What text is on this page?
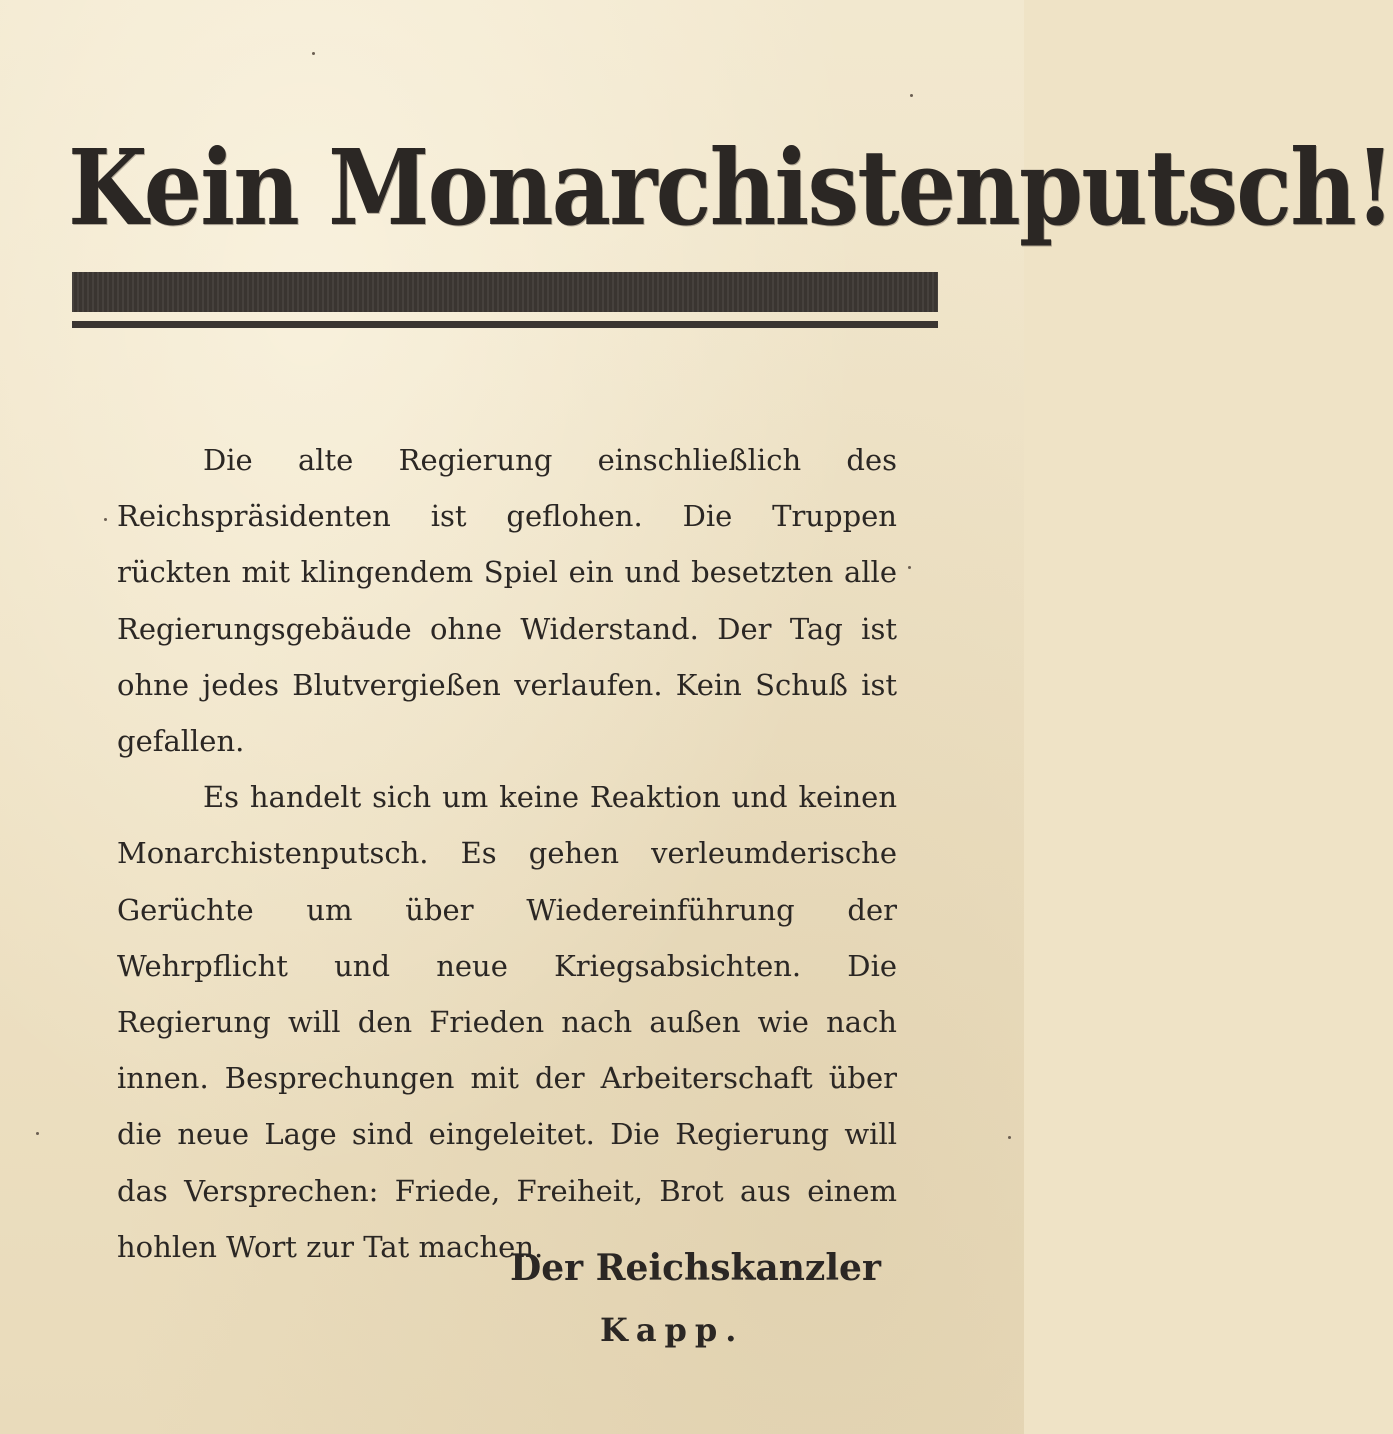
Kein Monarchistenputsch!

Die alte Regierung einschließlich des Reichspräsidenten ist geflohen. Die Truppen rückten mit klingendem Spiel ein und besetzten alle Regierungsgebäude ohne Widerstand. Der Tag ist ohne jedes Blutvergießen verlaufen. Kein Schuß ist gefallen.

Es handelt sich um keine Reaktion und keinen Monarchistenputsch. Es gehen verleumderische Gerüchte um über Wiedereinführung der Wehrpflicht und neue Kriegsabsichten. Die Regierung will den Frieden nach außen wie nach innen. Besprechungen mit der Arbeiterschaft über die neue Lage sind eingeleitet. Die Regierung will das Versprechen: Friede, Freiheit, Brot aus einem hohlen Wort zur Tat machen.

Der Reichskanzler
Kapp.
